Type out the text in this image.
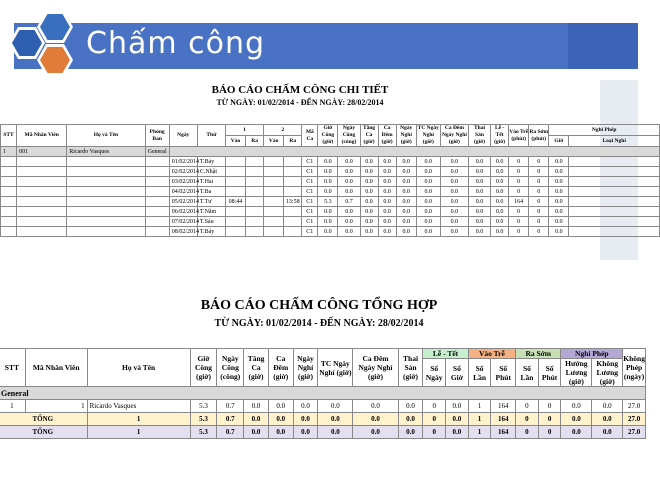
Chấm công
BÁO CÁO CHẤM CÔNG CHI TIẾT
TỪ NGÀY: 01/02/2014 - ĐẾN NGÀY: 28/02/2014
STT	Mã Nhân Viên	Họ và Tên	Phòng Ban	Ngày	Thứ	1		2		Mã Ca	Giờ Công (giờ)	Ngày Công (công)	Tăng Ca (giờ)	Ca Đêm (giờ)	Ngày Nghỉ (giờ)	TC Ngày Nghỉ (giờ)	Ca Đêm Ngày Nghỉ (giờ)	Thai Sản (giờ)	Lễ - Tết (giờ)	Vào Trễ (phút)	Ra Sớm (phút)	Nghỉ Phép	
						Vào	Ra	Vào	Ra													Giờ	Loại Nghỉ
1	001	Ricardo Vasques	General																				
				01/02/2014	T.Bảy					C1	0.0	0.0	0.0	0.0	0.0	0.0	0.0	0.0	0.0	0	0	0.0	
				02/02/2014	C.Nhật					C1	0.0	0.0	0.0	0.0	0.0	0.0	0.0	0.0	0.0	0	0	0.0	
				03/02/2014	T.Hai					C1	0.0	0.0	0.0	0.0	0.0	0.0	0.0	0.0	0.0	0	0	0.0	
				04/02/2014	T.Ba					C1	0.0	0.0	0.0	0.0	0.0	0.0	0.0	0.0	0.0	0	0	0.0	
				05/02/2014	T.Tư	08:44			13:58	C1	5.3	0.7	0.0	0.0	0.0	0.0	0.0	0.0	0.0	164	0	0.0	
				06/02/2014	T.Năm					C1	0.0	0.0	0.0	0.0	0.0	0.0	0.0	0.0	0.0	0	0	0.0	
				07/02/2014	T.Sáu					C1	0.0	0.0	0.0	0.0	0.0	0.0	0.0	0.0	0.0	0	0	0.0	
				08/02/2014	T.Bảy					C1	0.0	0.0	0.0	0.0	0.0	0.0	0.0	0.0	0.0	0	0	0.0	
BÁO CÁO CHẤM CÔNG TỔNG HỢP
TỪ NGÀY: 01/02/2014 - ĐẾN NGÀY: 28/02/2014
STT	Mã Nhân Viên	Họ và Tên	Giờ Công (giờ)	Ngày Công (công)	Tăng Ca (giờ)	Ca Đêm (giờ)	Ngày Nghỉ (giờ)	TC Ngày Nghỉ (giờ)	Ca Đêm Ngày Nghỉ (giờ)	Thai Sản (giờ)	Lễ - Tết		Vào Trễ		Ra Sớm		Nghỉ Phép		Không Phép (ngày)
											Số Ngày	Số Giờ	Số Lần	Số Phút	Số Lần	Số Phút	Hưởng Lương (giờ)	Không Lương (giờ)	
General																			
1	1	Ricardo Vasques	5.3	0.7	0.0	0.0	0.0	0.0	0.0	0.0	0	0.0	1	164	0	0	0.0	0.0	27.0
TỔNG		1	5.3	0.7	0.0	0.0	0.0	0.0	0.0	0.0	0	0.0	1	164	0	0	0.0	0.0	27.0
TỔNG		1	5.3	0.7	0.0	0.0	0.0	0.0	0.0	0.0	0	0.0	1	164	0	0	0.0	0.0	27.0
